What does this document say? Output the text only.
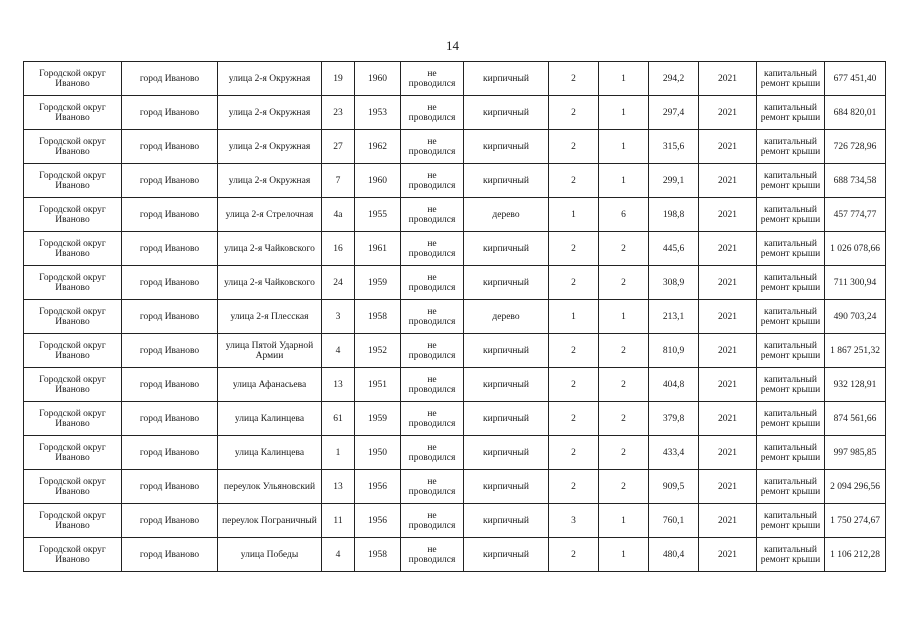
14
Городской округ Иваново	город Иваново	улица 2-я Окружная	19	1960	не проводился	кирпичный	2	1	294,2	2021	капитальный ремонт крыши	677 451,40
Городской округ Иваново	город Иваново	улица 2-я Окружная	23	1953	не проводился	кирпичный	2	1	297,4	2021	капитальный ремонт крыши	684 820,01
Городской округ Иваново	город Иваново	улица 2-я Окружная	27	1962	не проводился	кирпичный	2	1	315,6	2021	капитальный ремонт крыши	726 728,96
Городской округ Иваново	город Иваново	улица 2-я Окружная	7	1960	не проводился	кирпичный	2	1	299,1	2021	капитальный ремонт крыши	688 734,58
Городской округ Иваново	город Иваново	улица 2-я Стрелочная	4а	1955	не проводился	дерево	1	6	198,8	2021	капитальный ремонт крыши	457 774,77
Городской округ Иваново	город Иваново	улица 2-я Чайковского	16	1961	не проводился	кирпичный	2	2	445,6	2021	капитальный ремонт крыши	1 026 078,66
Городской округ Иваново	город Иваново	улица 2-я Чайковского	24	1959	не проводился	кирпичный	2	2	308,9	2021	капитальный ремонт крыши	711 300,94
Городской округ Иваново	город Иваново	улица 2-я Плесская	3	1958	не проводился	дерево	1	1	213,1	2021	капитальный ремонт крыши	490 703,24
Городской округ Иваново	город Иваново	улица Пятой Ударной Армии	4	1952	не проводился	кирпичный	2	2	810,9	2021	капитальный ремонт крыши	1 867 251,32
Городской округ Иваново	город Иваново	улица Афанасьева	13	1951	не проводился	кирпичный	2	2	404,8	2021	капитальный ремонт крыши	932 128,91
Городской округ Иваново	город Иваново	улица Калинцева	61	1959	не проводился	кирпичный	2	2	379,8	2021	капитальный ремонт крыши	874 561,66
Городской округ Иваново	город Иваново	улица Калинцева	1	1950	не проводился	кирпичный	2	2	433,4	2021	капитальный ремонт крыши	997 985,85
Городской округ Иваново	город Иваново	переулок Ульяновский	13	1956	не проводился	кирпичный	2	2	909,5	2021	капитальный ремонт крыши	2 094 296,56
Городской округ Иваново	город Иваново	переулок Пограничный	11	1956	не проводился	кирпичный	3	1	760,1	2021	капитальный ремонт крыши	1 750 274,67
Городской округ Иваново	город Иваново	улица Победы	4	1958	не проводился	кирпичный	2	1	480,4	2021	капитальный ремонт крыши	1 106 212,28
